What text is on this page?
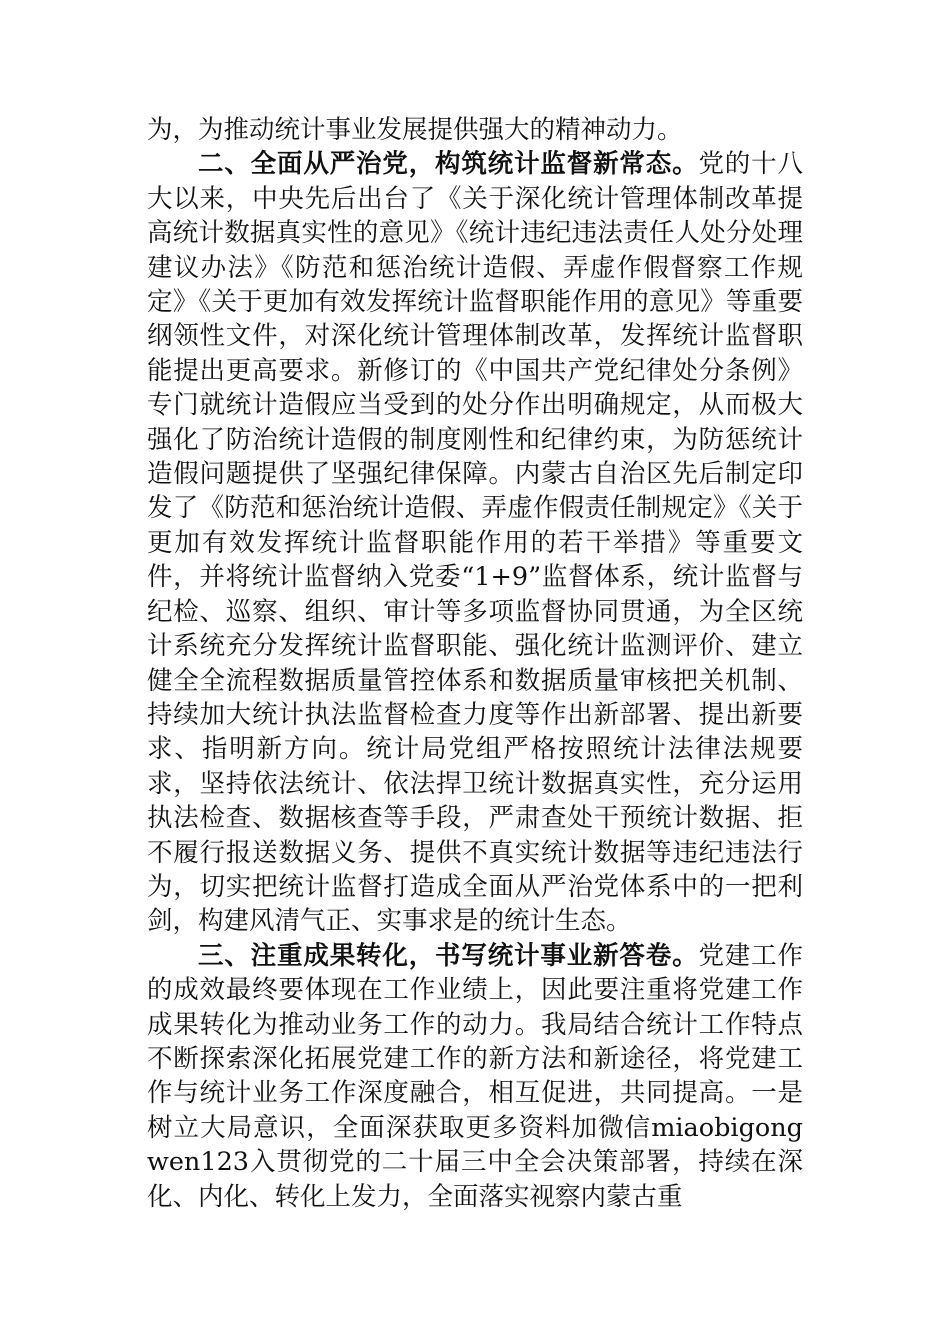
为，为推动统计事业发展提供强大的精神动力。

二、全面从严治党，构筑统计监督新常态。党的十八大以来，中央先后出台了《关于深化统计管理体制改革提高统计数据真实性的意见》《统计违纪违法责任人处分处理建议办法》《防范和惩治统计造假、弄虚作假督察工作规定》《关于更加有效发挥统计监督职能作用的意见》等重要纲领性文件，对深化统计管理体制改革，发挥统计监督职能提出更高要求。新修订的《中国共产党纪律处分条例》专门就统计造假应当受到的处分作出明确规定，从而极大强化了防治统计造假的制度刚性和纪律约束，为防惩统计造假问题提供了坚强纪律保障。内蒙古自治区先后制定印发了《防范和惩治统计造假、弄虚作假责任制规定》《关于更加有效发挥统计监督职能作用的若干举措》等重要文件，并将统计监督纳入党委“1+9”监督体系，统计监督与纪检、巡察、组织、审计等多项监督协同贯通，为全区统计系统充分发挥统计监督职能、强化统计监测评价、建立健全全流程数据质量管控体系和数据质量审核把关机制、持续加大统计执法监督检查力度等作出新部署、提出新要求、指明新方向。统计局党组严格按照统计法律法规要求，坚持依法统计、依法捍卫统计数据真实性，充分运用执法检查、数据核查等手段，严肃查处干预统计数据、拒不履行报送数据义务、提供不真实统计数据等违纪违法行为，切实把统计监督打造成全面从严治党体系中的一把利剑，构建风清气正、实事求是的统计生态。

三、注重成果转化，书写统计事业新答卷。党建工作的成效最终要体现在工作业绩上，因此要注重将党建工作成果转化为推动业务工作的动力。我局结合统计工作特点不断探索深化拓展党建工作的新方法和新途径，将党建工作与统计业务工作深度融合，相互促进，共同提高。一是树立大局意识，全面深获取更多资料加微信miaobigongwen123入贯彻党的二十届三中全会决策部署，持续在深化、内化、转化上发力，全面落实视察内蒙古重
